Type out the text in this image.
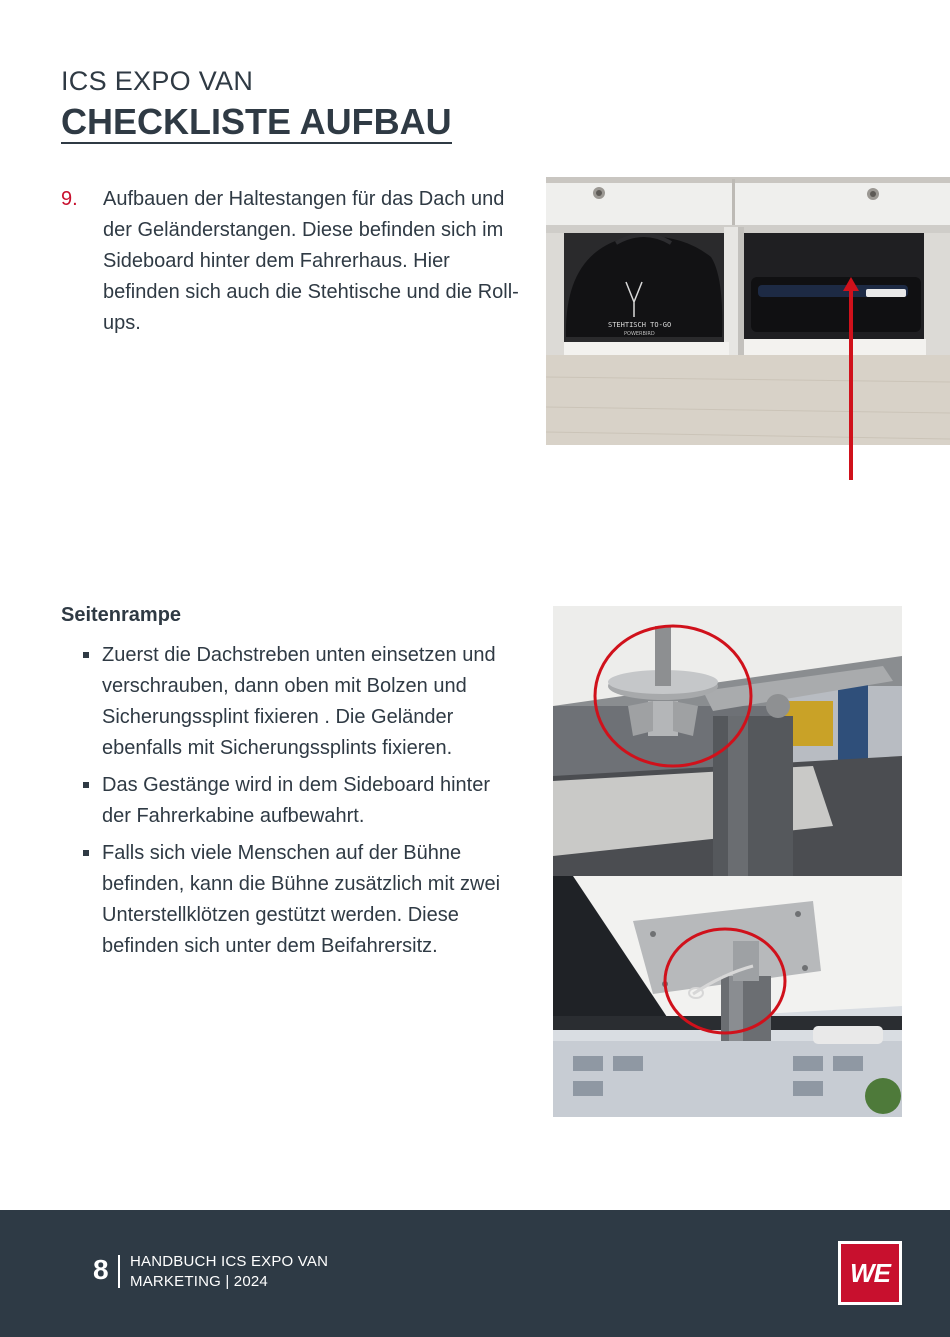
ICS EXPO VAN
CHECKLISTE AUFBAU
9. Aufbauen der Haltestangen für das Dach und der Geländerstangen. Diese befinden sich im Sideboard hinter dem Fahrerhaus. Hier befinden sich auch die Stehtische und die Roll-ups.	STEHTISCH TO-GO
POWERBIRD
Seitenrampe
Zuerst die Dachstreben unten einsetzen und verschrauben, dann oben mit Bolzen und Sicherungssplint fixieren . Die Geländer ebenfalls mit Sicherungssplints fixieren.
Das Gestänge wird in dem Sideboard hinter der Fahrerkabine aufbewahrt.
Falls sich viele Menschen auf der Bühne befinden, kann die Bühne zusätzlich mit zwei Unterstellklötzen gestützt werden. Diese befinden sich unter dem Beifahrersitz.
8 HANDBUCH ICS EXPO VAN
MARKETING | 2024	WE
